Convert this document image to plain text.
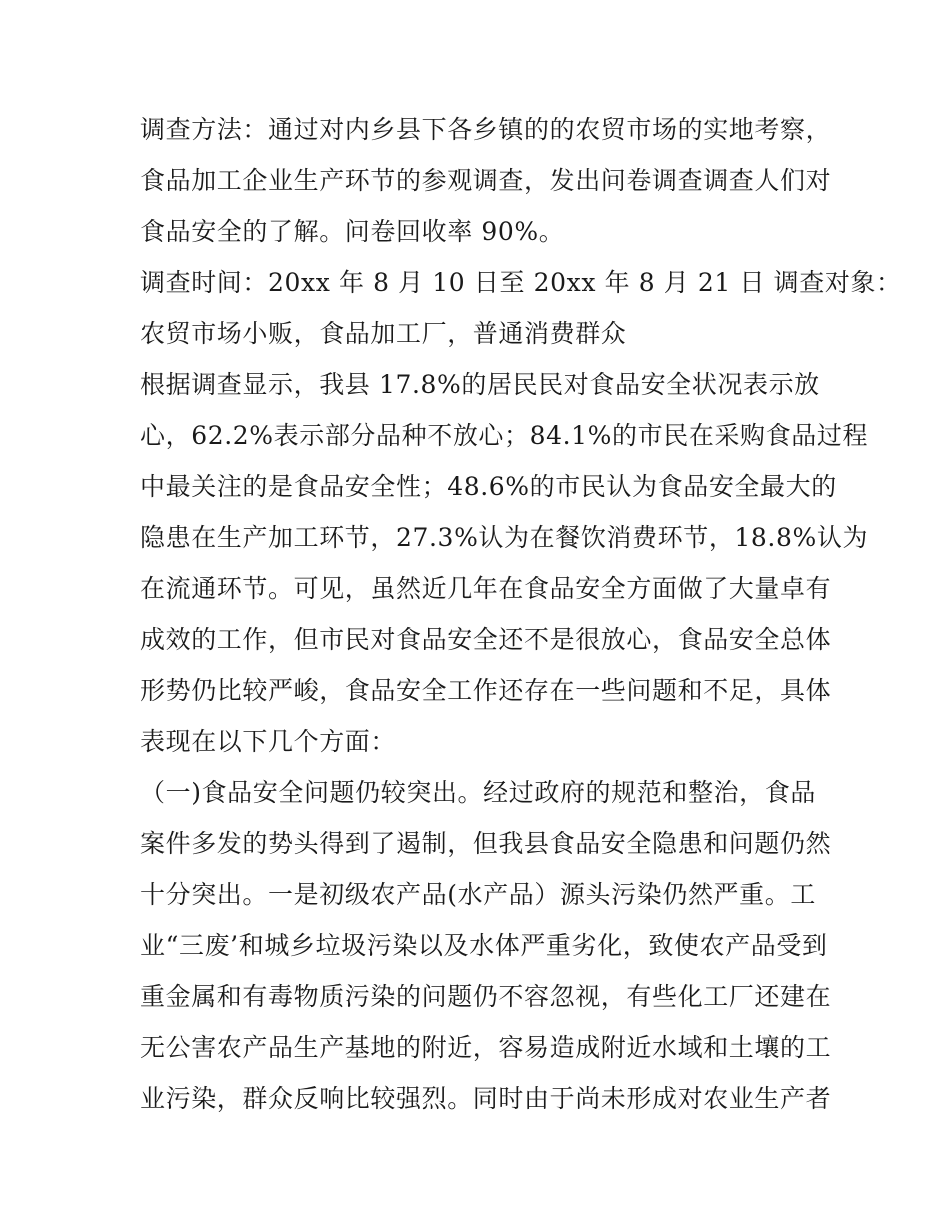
调查方法：通过对内乡县下各乡镇的的农贸市场的实地考察，
食品加工企业生产环节的参观调查，发出问卷调查调查人们对
食品安全的了解。问卷回收率 90%。
调查时间：20xx 年 8 月 10 日至 20xx 年 8 月 21 日 调查对象：
农贸市场小贩，食品加工厂，普通消费群众
根据调查显示，我县 17.8%的居民民对食品安全状况表示放
心，62.2%表示部分品种不放心；84.1%的市民在采购食品过程
中最关注的是食品安全性；48.6%的市民认为食品安全最大的
隐患在生产加工环节，27.3%认为在餐饮消费环节，18.8%认为
在流通环节。可见，虽然近几年在食品安全方面做了大量卓有
成效的工作，但市民对食品安全还不是很放心，食品安全总体
形势仍比较严峻，食品安全工作还存在一些问题和不足，具体
表现在以下几个方面：
（一)食品安全问题仍较突出。经过政府的规范和整治，食品
案件多发的势头得到了遏制，但我县食品安全隐患和问题仍然
十分突出。一是初级农产品(水产品）源头污染仍然严重。工
业“三废’和城乡垃圾污染以及水体严重劣化，致使农产品受到
重金属和有毒物质污染的问题仍不容忽视，有些化工厂还建在
无公害农产品生产基地的附近，容易造成附近水域和土壤的工
业污染，群众反响比较强烈。同时由于尚未形成对农业生产者
